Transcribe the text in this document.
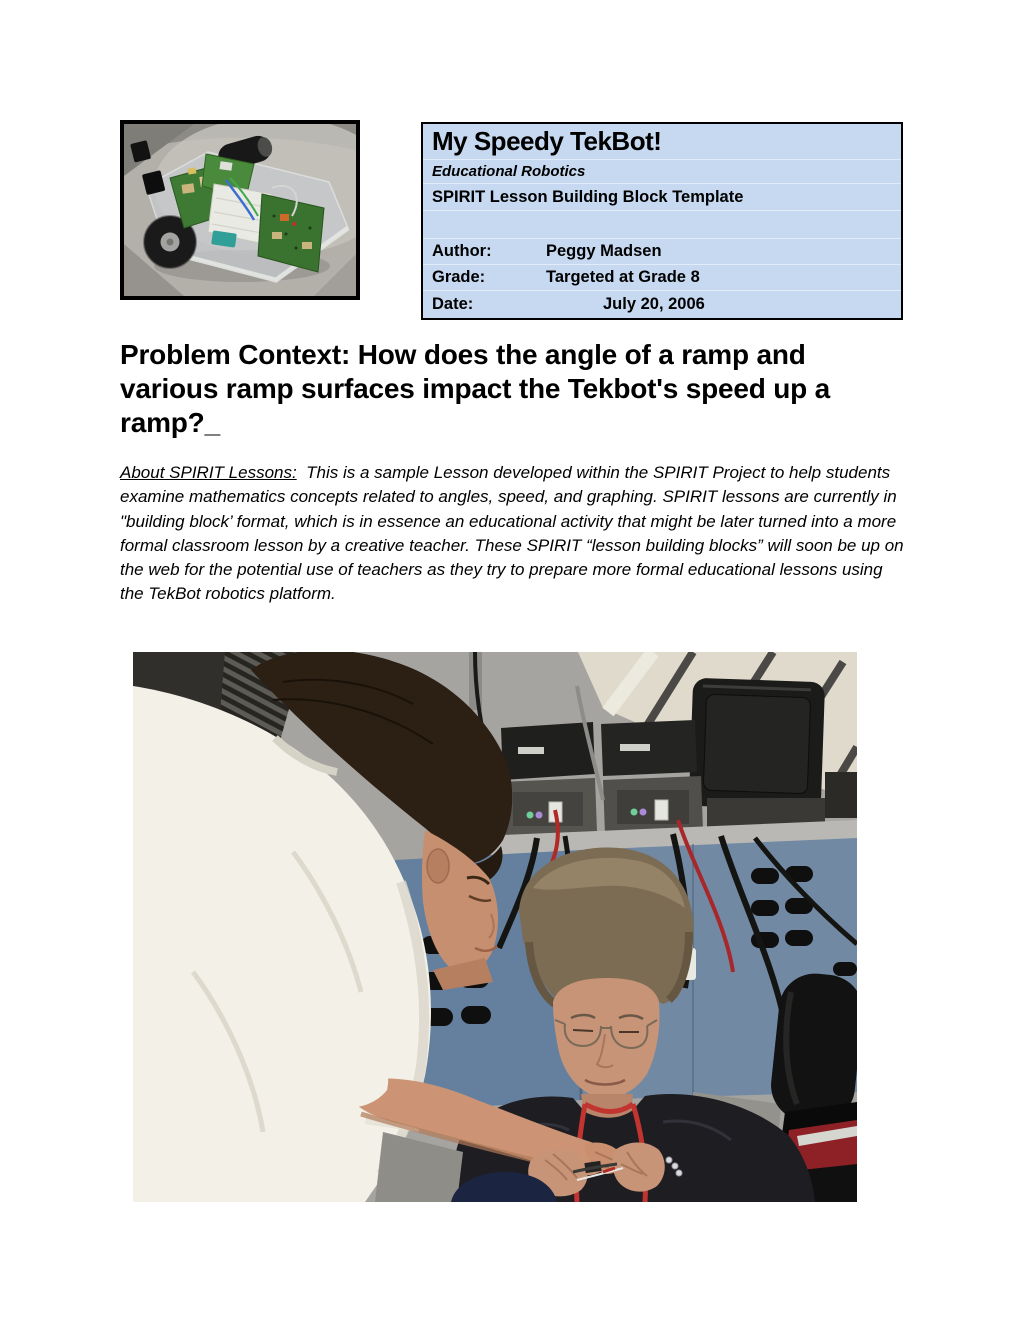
My Speedy TekBot!
Educational Robotics
SPIRIT Lesson Building Block Template
Author:	Peggy Madsen
Grade:	Targeted at Grade 8
Date:	July 20, 2006
Problem Context: How does the angle of a ramp and various ramp surfaces impact the Tekbot's speed up a ramp?_

About SPIRIT Lessons:  This is a sample Lesson developed within the SPIRIT Project to help students examine mathematics concepts related to angles, speed, and graphing. SPIRIT lessons are currently in "building block’ format, which is in essence an educational activity that might be later turned into a more formal classroom lesson by a creative teacher. These SPIRIT “lesson building blocks” will soon be up on the web for the potential use of teachers as they try to prepare more formal educational lessons using the TekBot robotics platform.
